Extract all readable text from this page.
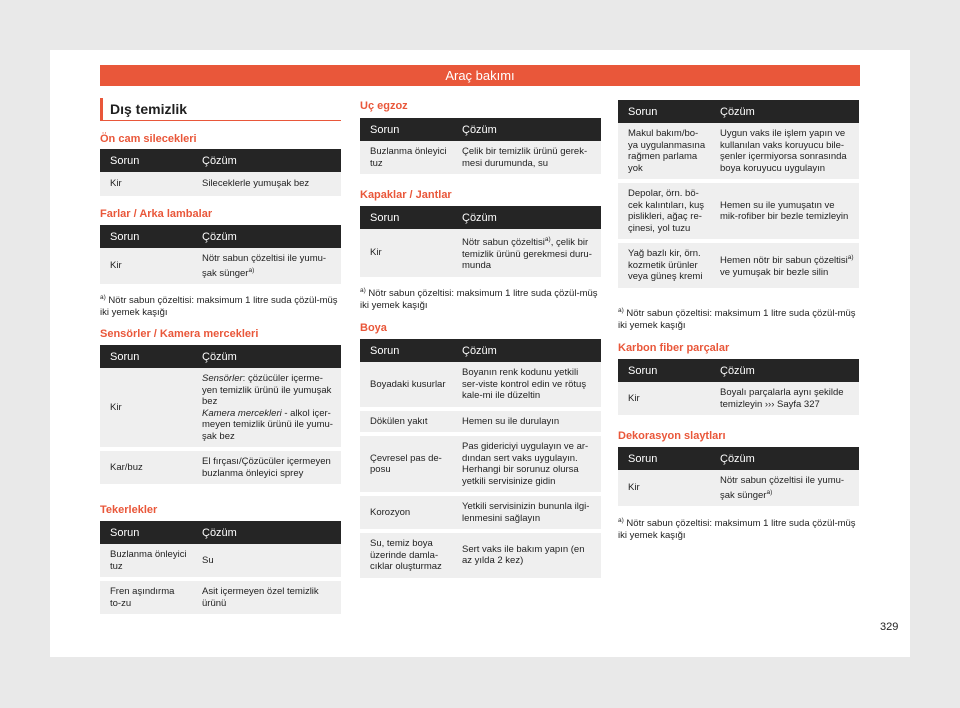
Araç bakımı
Dış temizlik
Ön cam silecekleri
Sorun	Çözüm
Kir	Sileceklerle yumuşak bez
Farlar / Arka lambalar
Sorun	Çözüm
Kir	Nötr sabun çözeltisi ile yumu-şak sünger$^{a)}$
$^{a)}$ Nötr sabun çözeltisi: maksimum 1 litre suda çözül-müş iki yemek kaşığı
Sensörler / Kamera mercekleri
Sorun	Çözüm
Kir	Sensörler: çözücüler içerme-yen temizlik ürünü ile yumuşak bez
Kamera mercekleri - alkol içer-meyen temizlik ürünü ile yumu-şak bez
Kar/buz	El fırçası/Çözücüler içermeyen buzlanma önleyici sprey
Tekerlekler
Sorun	Çözüm
Buzlanma önleyici tuz	Su
Fren aşındırma to-zu	Asit içermeyen özel temizlik ürünü
Uç egzoz
Sorun	Çözüm
Buzlanma önleyici tuz	Çelik bir temizlik ürünü gerek-mesi durumunda, su
Kapaklar / Jantlar
Sorun	Çözüm
Kir	Nötr sabun çözeltisi$^{a)}$, çelik bir temizlik ürünü gerekmesi duru-munda
$^{a)}$ Nötr sabun çözeltisi: maksimum 1 litre suda çözül-müş iki yemek kaşığı
Boya
Sorun	Çözüm
Boyadaki kusurlar	Boyanın renk kodunu yetkili ser-viste kontrol edin ve rötuş kale-mi ile düzeltin
Dökülen yakıt	Hemen su ile durulayın
Çevresel pas de-posu	Pas gidericiyi uygulayın ve ar-dından sert vaks uygulayın. Herhangi bir sorunuz olursa yetkili servisinize gidin
Korozyon	Yetkili servisinizin bununla ilgi-lenmesini sağlayın
Su, temiz boya üzerinde damla-cıklar oluşturmaz	Sert vaks ile bakım yapın (en az yılda 2 kez)
Sorun	Çözüm
Makul bakım/bo-ya uygulanmasına rağmen parlama yok	Uygun vaks ile işlem yapın ve kullanılan vaks koruyucu bile-şenler içermiyorsa sonrasında boya koruyucu uygulayın
Depolar, örn. bö-cek kalıntıları, kuş pislikleri, ağaç re-çinesi, yol tuzu	Hemen su ile yumuşatın ve mik-rofiber bir bezle temizleyin
Yağ bazlı kir, örn. kozmetik ürünler veya güneş kremi	Hemen nötr bir sabun çözeltisi$^{a)}$ ve yumuşak bir bezle silin
$^{a)}$ Nötr sabun çözeltisi: maksimum 1 litre suda çözül-müş iki yemek kaşığı
Karbon fiber parçalar
Sorun	Çözüm
Kir	Boyalı parçalarla aynı şekilde temizleyin ››› Sayfa 327
Dekorasyon slaytları
Sorun	Çözüm
Kir	Nötr sabun çözeltisi ile yumu-şak sünger$^{a)}$
$^{a)}$ Nötr sabun çözeltisi: maksimum 1 litre suda çözül-müş iki yemek kaşığı
329
